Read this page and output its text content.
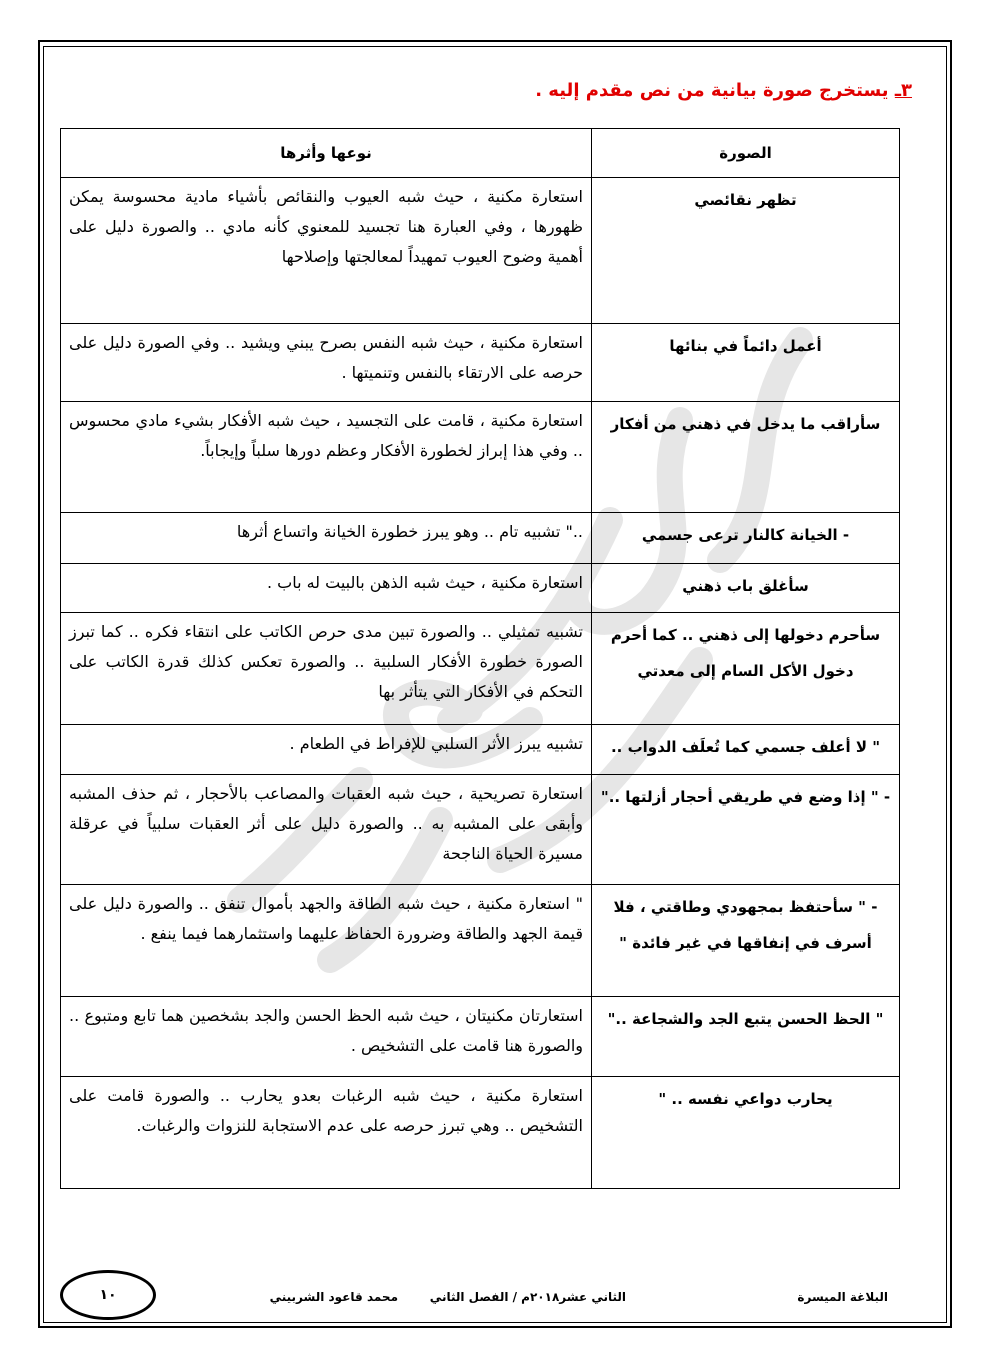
٣ـ يستخرج صورة بيانية من نص مقدم إليه .
الصورة	نوعها وأثرها
تظهر نقائصي	استعارة مكنية ، حيث شبه العيوب والنقائص بأشياء مادية محسوسة يمكن ظهورها ، وفي العبارة هنا تجسيد للمعنوي كأنه مادي .. والصورة دليل على أهمية وضوح العيوب تمهيداً لمعالجتها وإصلاحها
أعمل دائماً في بنائها	استعارة مكنية ، حيث شبه النفس بصرح يبني ويشيد .. وفي الصورة دليل على حرصه على الارتقاء بالنفس وتنميتها .
سأراقب ما يدخل في ذهني من أفكار	استعارة مكنية ، قامت على التجسيد ، حيث شبه الأفكار بشيء مادي محسوس .. وفي هذا إبراز لخطورة الأفكار وعظم دورها سلباً وإيجاباً.
- الخيانة كالنار ترعى جسمي	.." تشبيه تام .. وهو يبرز خطورة الخيانة واتساع أثرها
سأغلق باب ذهني	استعارة مكنية ، حيث شبه الذهن بالبيت له باب .
سأحرم دخولها إلى ذهني .. كما أحرم دخول الأكل السام إلى معدتي	تشبيه تمثيلي .. والصورة تبين مدى حرص الكاتب على انتقاء فكره .. كما تبرز الصورة خطورة الأفكار السلبية .. والصورة تعكس كذلك قدرة الكاتب على التحكم في الأفكار التي يتأثر بها
" لا أعلف جسمي كما تُعلَف الدواب ..	تشبيه يبرز الأثر السلبي للإفراط في الطعام .
- " إذا وضع في طريقي أحجار أزلتها .."	استعارة تصريحية ، حيث شبه العقبات والمصاعب بالأحجار ، ثم حذف المشبه وأبقى على المشبه به .. والصورة دليل على أثر العقبات سلبياً في عرقلة مسيرة الحياة الناجحة
- " سأحتفظ بمجهودي وطاقتي ، فلا أسرف في إنفاقها في غير فائدة "	" استعارة مكنية ، حيث شبه الطاقة والجهد بأموال تنفق .. والصورة دليل على قيمة الجهد والطاقة وضرورة الحفاظ عليهما واستثمارهما فيما ينفع .
" الحظ الحسن يتبع الجد والشجاعة .."	استعارتان مكنيتان ، حيث شبه الحظ الحسن والجد بشخصين هما تابع ومتبوع .. والصورة هنا قامت على التشخيص .
يحارب دواعي نفسه .. "	استعارة مكنية ، حيث شبه الرغبات بعدو يحارب .. والصورة قامت على التشخيص .. وهي تبرز حرصه على عدم الاستجابة للنزوات والرغبات.
البلاغة الميسرة
الثاني عشر٢٠١٨م / الفصل الثاني
محمد قاعود الشربيني
١٠
